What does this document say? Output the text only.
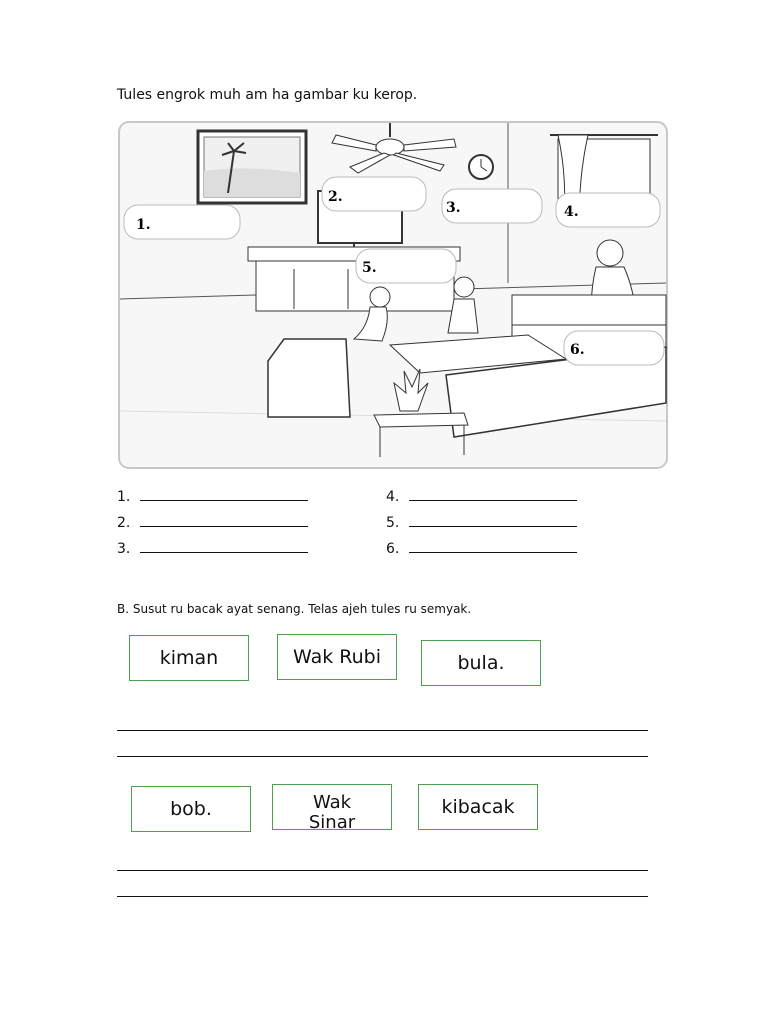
Tules engrok muh am ha gambar ku kerop.
1.
2.
3.	4.
5.
6.
1.
2.
3.
4.
5.
6.
B. Susut ru bacak ayat senang. Telas ajeh tules ru semyak.
kiman	Wak Rubi	bula.
bob.	Wak
Sinar
kibacak
